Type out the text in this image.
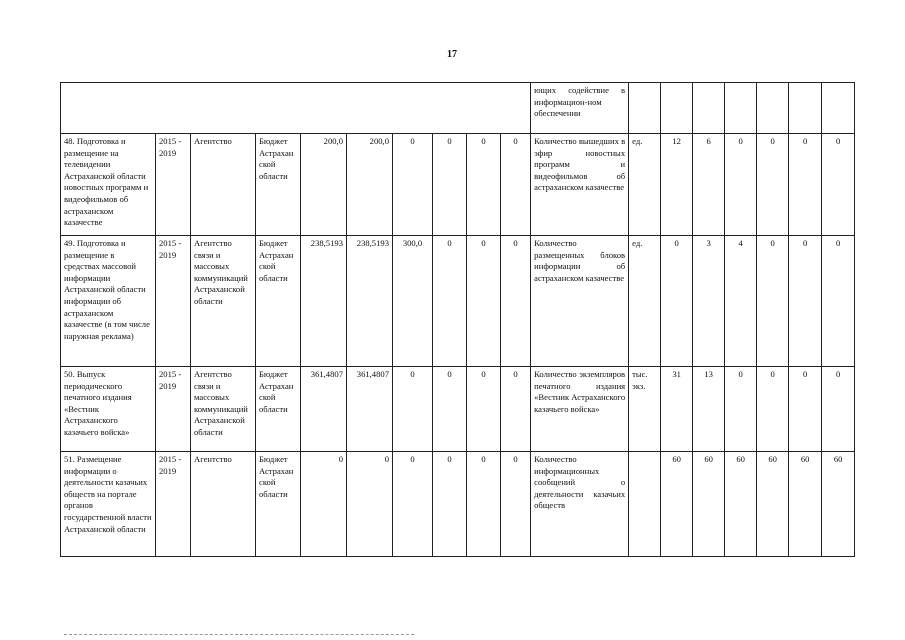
17
										ющих содействие в информацион-ном обеспечении							
48. Подготовка и размещение на телевидении Астраханской области новостных программ и видеофильмов об астраханском казачестве	2015 - 2019	Агентство	Бюджет Астраханской области	200,0	200,0	0	0	0	0	Количество вышедших в эфир новостных программ и видеофильмов об астраханском казачестве	ед.	12	6	0	0	0	0
49. Подготовка и размещение в средствах массовой информации Астраханской области информации об астраханском казачестве (в том числе наружная реклама)	2015 - 2019	Агентство связи и массовых коммуникаций Астраханской области	Бюджет Астраханской области	238,5193	238,5193	300,0	0	0	0	Количество размещенных блоков информации об астраханском казачестве	ед.	0	3	4	0	0	0
50. Выпуск периодического печатного издания «Вестник Астраханского казачьего войска»	2015 - 2019	Агентство связи и массовых коммуникаций Астраханской области	Бюджет Астраханской области	361,4807	361,4807	0	0	0	0	Количество экземпляров печатного издания «Вестник Астраханского казачьего войска»	тыс. экз.	31	13	0	0	0	0
51. Размещение информации о деятельности казачьих обществ на портале органов государственной власти Астраханской области	2015 - 2019	Агентство	Бюджет Астраханской области	0	0	0	0	0	0	Количество информационных сообщений о деятельности казачьих обществ		60	60	60	60	60	60
